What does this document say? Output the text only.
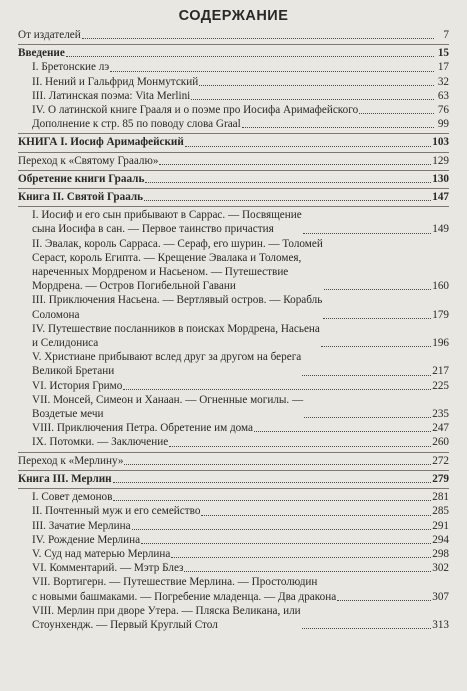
СОДЕРЖАНИЕ
От издателей	7
Введение	15
I. Бретонские лэ	17
II. Нений и Гальфрид Монмутский	32
III. Латинская поэма: Vita Merlini	63
IV. О латинской книге Грааля и о поэме про Иосифа Аримафейского	76
Дополнение к стр. 85 по поводу слова Graal	99
КНИГА I. Иосиф Аримафейский	103
Переход к «Святому Граалю»	129
Обретение книги Грааль	130
Книга II. Святой Грааль	147
I. Иосиф и его сын прибывают в Саррас. — Посвящение
сына Иосифа в сан. — Первое таинство причастия	149
II. Эвалак, король Сарраса. — Сераф, его шурин. — Толомей
Сераст, король Египта. — Крещение Эвалака и Толомея,
нареченных Мордреном и Насьеном. — Путешествие
Мордрена. — Остров Погибельной Гавани	160
III. Приключения Насьена. — Вертлявый остров. — Корабль
Соломона	179
IV. Путешествие посланников в поисках Мордрена, Насьена
и Селидониса	196
V. Христиане прибывают вслед друг за другом на берега
Великой Бретани	217
VI. История Гримо	225
VII. Монсей, Симеон и Ханаан. — Огненные могилы. —
Воздетые мечи	235
VIII. Приключения Петра. Обретение им дома	247
IX. Потомки. — Заключение	260
Переход к «Мерлину»	272
Книга III. Мерлин	279
I. Совет демонов	281
II. Почтенный муж и его семейство	285
III. Зачатие Мерлина	291
IV. Рождение Мерлина	294
V. Суд над матерью Мерлина	298
VI. Комментарий. — Мэтр Блез	302
VII. Вортигерн. — Путешествие Мерлина. — Простолюдин
с новыми башмаками. — Погребение младенца. — Два дракона	307
VIII. Мерлин при дворе Утера. — Пляска Великана, или
Стоунхендж. — Первый Круглый Стол	313
